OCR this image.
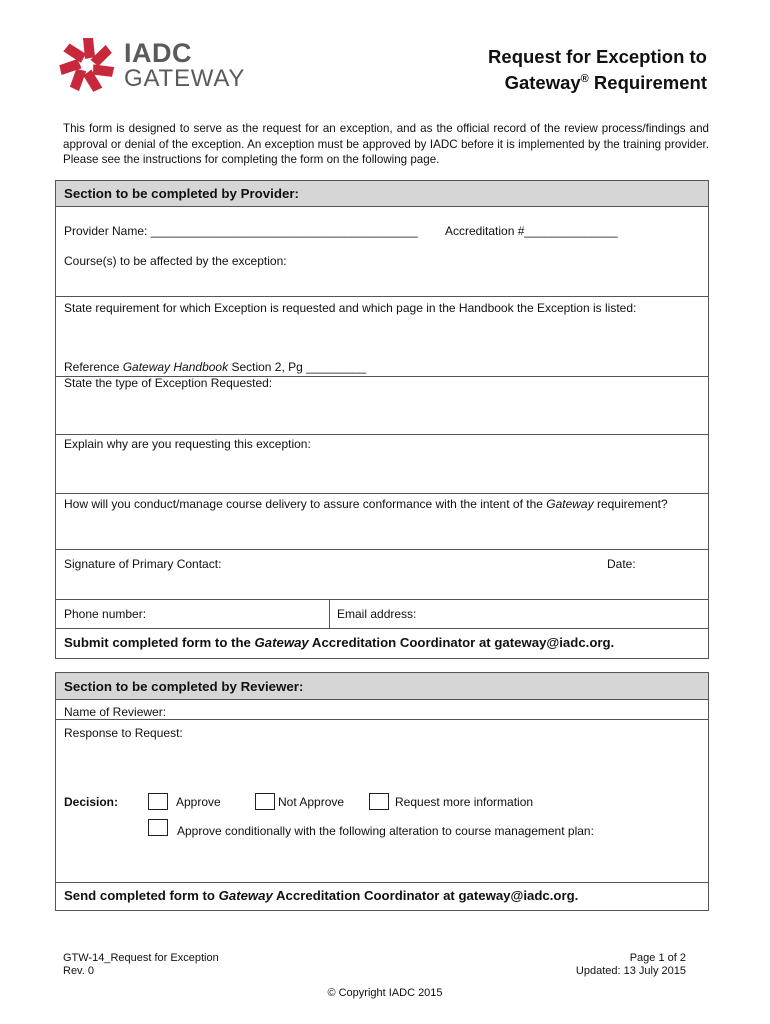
IADC
GATEWAY
Request for Exception to
Gateway® Requirement
This form is designed to serve as the request for an exception, and as the official record of the review process/findings and approval or denial of the exception. An exception must be approved by IADC before it is implemented by the training provider. Please see the instructions for completing the form on the following page.
Section to be completed by Provider:
Provider Name: ________________________________________ Accreditation #______________
Course(s) to be affected by the exception:
State requirement for which Exception is requested and which page in the Handbook the Exception is listed:
Reference Gateway Handbook Section 2, Pg _________
State the type of Exception Requested:
Explain why are you requesting this exception:
How will you conduct/manage course delivery to assure conformance with the intent of the Gateway requirement?
Signature of Primary Contact:	Date:
Phone number:	Email address:
Submit completed form to the Gateway Accreditation Coordinator at gateway@iadc.org.
Section to be completed by Reviewer:
Name of Reviewer:
Response to Request:
Decision:	Approve	Not Approve	Request more information
Approve conditionally with the following alteration to course management plan:
Send completed form to Gateway Accreditation Coordinator at gateway@iadc.org.
GTW-14_Request for Exception
Rev. 0
Page 1 of 2
Updated: 13 July 2015
© Copyright IADC 2015
